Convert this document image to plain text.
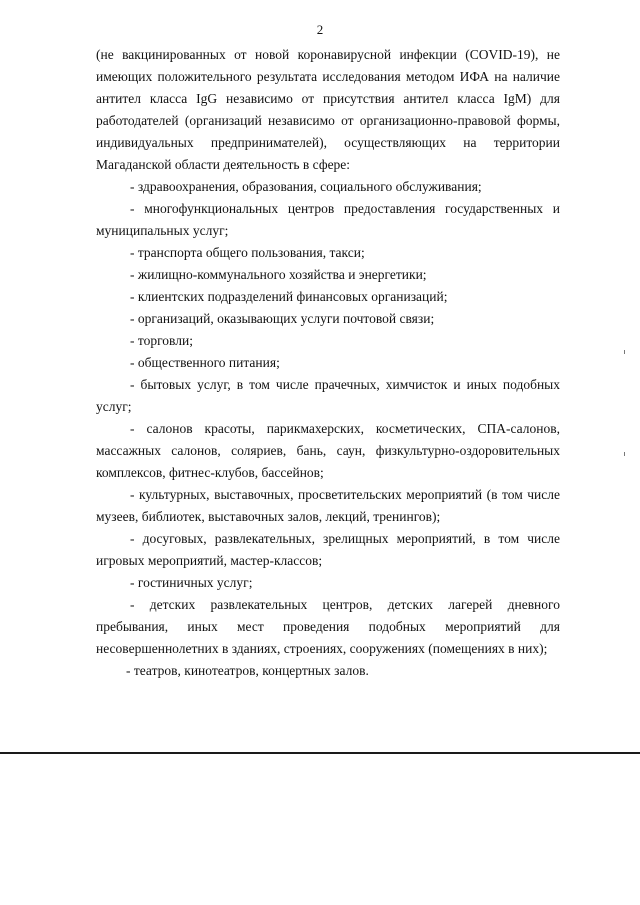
2

(не вакцинированных от новой коронавирусной инфекции (COVID-19), не имеющих положительного результата исследования методом ИФА на наличие антител класса IgG независимо от присутствия антител класса IgM) для работодателей (организаций независимо от организационно-правовой формы, индивидуальных предпринимателей), осуществляющих на территории Магаданской области деятельность в сфере:

- здравоохранения, образования, социального обслуживания;

- многофункциональных центров предоставления государственных и муниципальных услуг;

- транспорта общего пользования, такси;

- жилищно-коммунального хозяйства и энергетики;

- клиентских подразделений финансовых организаций;

- организаций, оказывающих услуги почтовой связи;

- торговли;

- общественного питания;

- бытовых услуг, в том числе прачечных, химчисток и иных подобных услуг;

- салонов красоты, парикмахерских, косметических, СПА-салонов, массажных салонов, соляриев, бань, саун, физкультурно-оздоровительных комплексов, фитнес-клубов, бассейнов;

- культурных, выставочных, просветительских мероприятий (в том числе музеев, библиотек, выставочных залов, лекций, тренингов);

- досуговых, развлекательных, зрелищных мероприятий, в том числе игровых мероприятий, мастер-классов;

- гостиничных услуг;

- детских развлекательных центров, детских лагерей дневного пребывания, иных мест проведения подобных мероприятий для несовершеннолетних в зданиях, строениях, сооружениях (помещениях в них);

- театров, кинотеатров, концертных залов.
